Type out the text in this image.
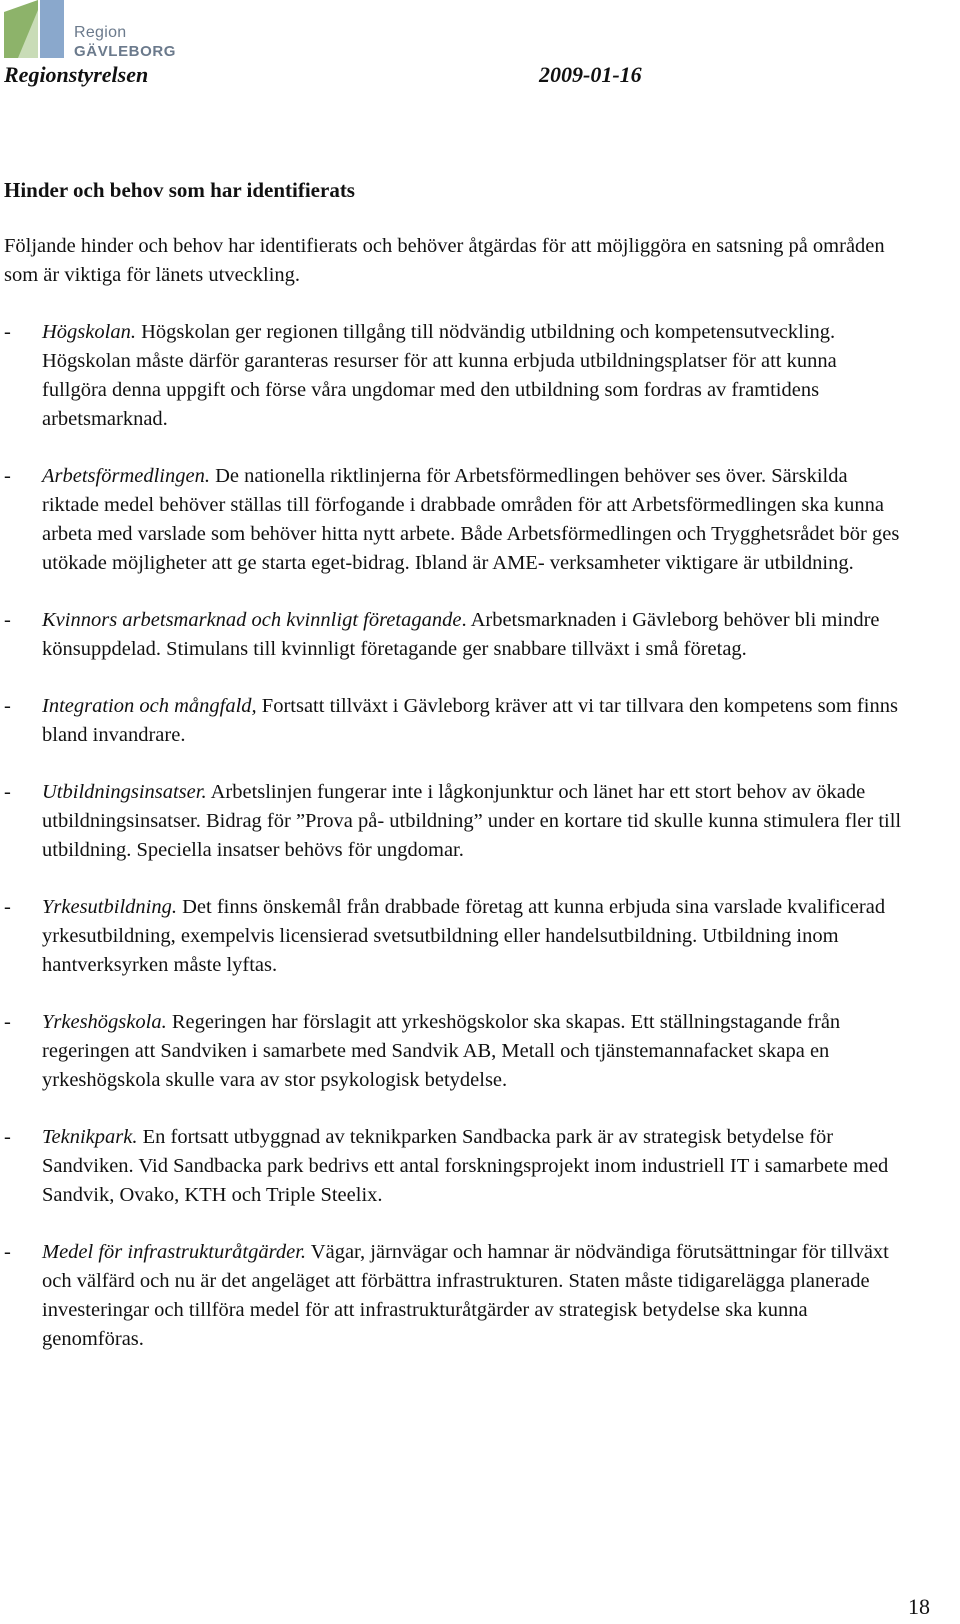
Region
GÄVLEBORG
Regionstyrelsen	2009-01-16
Hinder och behov som har identifierats

Följande hinder och behov har identifierats och behöver åtgärdas för att möjliggöra en satsning på områden som är viktiga för länets utveckling.

- Högskolan. Högskolan ger regionen tillgång till nödvändig utbildning och kompetensutveckling. Högskolan måste därför garanteras resurser för att kunna erbjuda utbildningsplatser för att kunna fullgöra denna uppgift och förse våra ungdomar med den utbildning som fordras av framtidens arbetsmarknad.
- Arbetsförmedlingen. De nationella riktlinjerna för Arbetsförmedlingen behöver ses över. Särskilda riktade medel behöver ställas till förfogande i drabbade områden för att Arbetsförmedlingen ska kunna arbeta med varslade som behöver hitta nytt arbete. Både Arbetsförmedlingen och Trygghetsrådet bör ges utökade möjligheter att ge starta eget-bidrag. Ibland är AME- verksamheter viktigare är utbildning.
- Kvinnors arbetsmarknad och kvinnligt företagande. Arbetsmarknaden i Gävleborg behöver bli mindre könsuppdelad. Stimulans till kvinnligt företagande ger snabbare tillväxt i små företag.
- Integration och mångfald, Fortsatt tillväxt i Gävleborg kräver att vi tar tillvara den kompetens som finns bland invandrare.
- Utbildningsinsatser. Arbetslinjen fungerar inte i lågkonjunktur och länet har ett stort behov av ökade utbildningsinsatser. Bidrag för ”Prova på- utbildning” under en kortare tid skulle kunna stimulera fler till utbildning. Speciella insatser behövs för ungdomar.
- Yrkesutbildning. Det finns önskemål från drabbade företag att kunna erbjuda sina varslade kvalificerad yrkesutbildning, exempelvis licensierad svetsutbildning eller handelsutbildning. Utbildning inom hantverksyrken måste lyftas.
- Yrkeshögskola. Regeringen har förslagit att yrkeshögskolor ska skapas. Ett ställningstagande från regeringen att Sandviken i samarbete med Sandvik AB, Metall och tjänstemannafacket skapa en yrkeshögskola skulle vara av stor psykologisk betydelse.
- Teknikpark. En fortsatt utbyggnad av teknikparken Sandbacka park är av strategisk betydelse för Sandviken. Vid Sandbacka park bedrivs ett antal forskningsprojekt inom industriell IT i samarbete med Sandvik, Ovako, KTH och Triple Steelix.
- Medel för infrastrukturåtgärder. Vägar, järnvägar och hamnar är nödvändiga förutsättningar för tillväxt och välfärd och nu är det angeläget att förbättra infrastrukturen. Staten måste tidigarelägga planerade investeringar och tillföra medel för att infrastrukturåtgärder av strategisk betydelse ska kunna genomföras.
18
